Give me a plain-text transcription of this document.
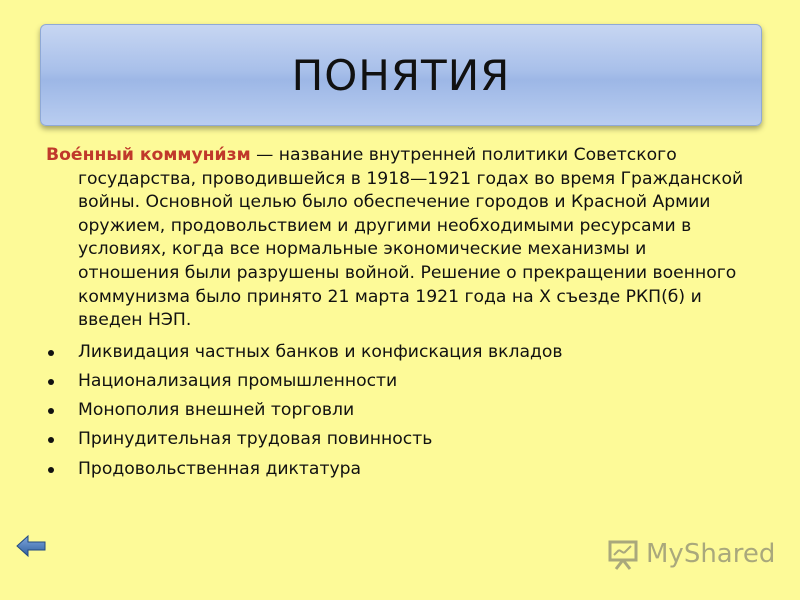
ПОНЯТИЯ

Вое́нный коммуни́зм — название внутренней политики Советского государства, проводившейся в 1918—1921 годах во время Гражданской войны. Основной целью было обеспечение городов и Красной Армии оружием, продовольствием и другими необходимыми ресурсами в условиях, когда все нормальные экономические механизмы и отношения были разрушены войной. Решение о прекращении военного коммунизма было принято 21 марта 1921 года на X съезде РКП(б) и введен НЭП.

Ликвидация частных банков и конфискация вкладов
Национализация промышленности
Монополия внешней торговли
Принудительная трудовая повинность
Продовольственная диктатура
MyShared
